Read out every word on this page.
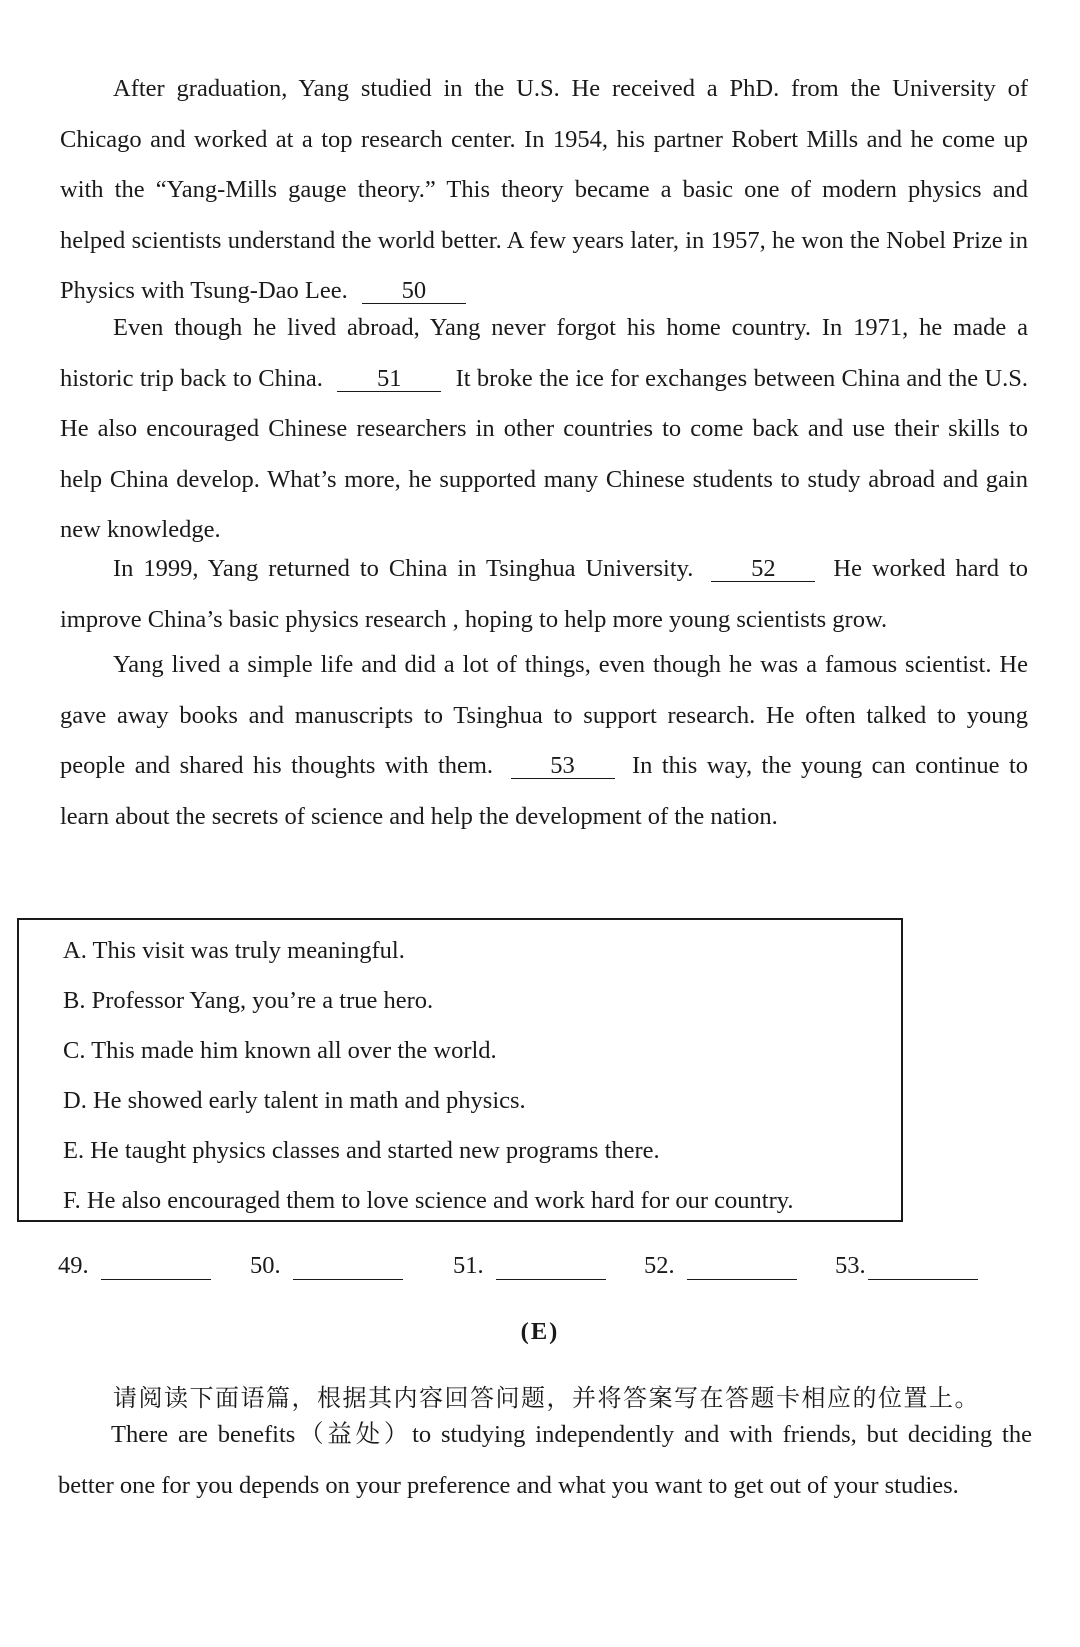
After graduation, Yang studied in the U.S. He received a PhD. from the University of Chicago and worked at a top research center. In 1954, his partner Robert Mills and he come up with the “Yang-Mills gauge theory.” This theory became a basic one of modern physics and helped scientists understand the world better. A few years later, in 1957, he won the Nobel Prize in Physics with Tsung-Dao Lee. 50

Even though he lived abroad, Yang never forgot his home country. In 1971, he made a historic trip back to China. 51 It broke the ice for exchanges between China and the U.S. He also encouraged Chinese researchers in other countries to come back and use their skills to help China develop. What’s more, he supported many Chinese students to study abroad and gain new knowledge.

In 1999, Yang returned to China in Tsinghua University. 52 He worked hard to improve China’s basic physics research , hoping to help more young scientists grow.

Yang lived a simple life and did a lot of things, even though he was a famous scientist. He gave away books and manuscripts to Tsinghua to support research. He often talked to young people and shared his thoughts with them. 53 In this way, the young can continue to learn about the secrets of science and help the development of the nation.

A. This visit was truly meaningful.
B. Professor Yang, you’re a true hero.
C. This made him known all over the world.
D. He showed early talent in math and physics.
E. He taught physics classes and started new programs there.
F. He also encouraged them to love science and work hard for our country.
49.	50.	51.	52.	53.
(E)
请阅读下面语篇，根据其内容回答问题，并将答案写在答题卡相应的位置上。

There are benefits（益处）to studying independently and with friends, but deciding the better one for you depends on your preference and what you want to get out of your studies.
